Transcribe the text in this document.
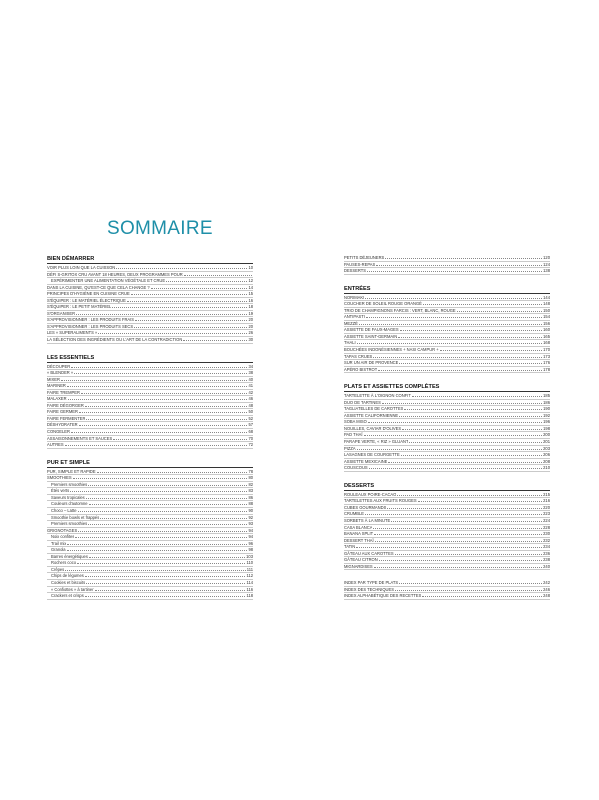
SOMMAIRE
BIEN DÉMARRER
VOIR PLUS LOIN QUE LA CUISSON	10
DÉFI S-GRITOX CRU AVANT 18 HEURES, DEUX PROGRAMMES POUR
EXPÉRIMENTER UNE ALIMENTATION VÉGÉTALE ET CRUE	12
DANS LA CUISINE, QU'EST-CE QUE CELA CHANGE ?	14
PRINCIPES D'HYGIÈNE EN CUISINE CRUE	15
S'ÉQUIPER : LE MATÉRIEL ÉLECTRIQUE	16
S'ÉQUIPER : LE PETIT MATÉRIEL	18
S'ORGANISER	19
S'APPROVISIONNER : LES PRODUITS FRAIS	20
S'APPROVISIONNER : LES PRODUITS SECS	20
LES « SUPERALIMENTS »	26
LA SÉLECTION DES INGRÉDIENTS OU L'ART DE LA CONTRADICTION	30
LES ESSENTIELS
DÉCOUPER	34
« BLENDER »	38
MIXER	40
MARINER	41
FAIRE TREMPER	42
MALAXER	46
FAIRE DÉGORGER	48
FAIRE GERMER	50
FAIRE FERMENTER	52
DÉSHYDRATER	57
CONGELER	68
ASSAISONNEMENTS ET SAUCES	70
AUTRES	72
PUR ET SIMPLE
PUR, SIMPLE ET RAPIDE	78
SMOOTHIES	80
Premiers smoothies	82
Étés verts	83
Saveurs tropicales	86
Couleurs d'automne	88
Choco – Latte	90
Smoothie bowls et frappés	92
Premiers smoothies	93
GRIGNOTAGES	94
Noix confites	94
Trail mix	96
Granola	98
Barres énergétiques	103
Rochers coco	110
Crêpes	111
Chips de légumes	112
Cookies et biscuits	114
« Confiottes » à tartiner	116
Crackers et crisps	118
PETITS DÉJEUNERS	120
PAUSES-REPAS	124
DESSERTS	138
ENTRÉES
NORIMAKI	144
COUCHER DE SOLEIL ROUGE ORANGÉ	148
TRIO DE CHAMPIGNONS FARCIS : VERT, BLANC, ROUGE	150
ANTIPASTI	154
MEZZÉ	156
ASSIETTE DE FAUX-MAGES	160
ASSIETTE SAINT-GERMAIN	165
THALI	168
BOUCHÉES INDONÉSIENNES + NASI CAMPUR +	170
TAPAS CRUES	173
SUR UN AIR DE PROVENCE	176
APÉRO BISTROT	178
PLATS ET ASSIETTES COMPLÈTES
TARTELETTE À L'OIGNON CONFIT	185
DUO DE TARTINES	186
TAGLIATELLES DE CAROTTES	190
ASSIETTE CALIFORNIENNE	192
SOBA MISO	196
NOUILLES, CAVIAR D'OLIVES	198
PAD THAÏ	200
PARAPE VERTE, « RIZ » GLUANT	201
PIZZA	203
LASAGNES DE COURGETTE	206
ASSIETTE MEXICAINE	208
COUSCOUS	210
DESSERTS
ROULEAUX POIRE-CACAO	215
TARTELETTES AUX FRUITS ROUGES	216
CUBES GOURMANDS	220
CRUMBLE	223
SORBETS À LA MINUTE	224
CASA BLANCA	228
BANANA SPLIT	230
DESSERT THAÏ	232
TATIN	234
GÂTEAU AUX CAROTTES	236
GÂTEAU CITRON	238
MIGNARDISES	240
INDEX PAR TYPE DE PLATS	242
INDEX DES TECHNIQUES	246
INDEX ALPHABÉTIQUE DES RECETTES	248
